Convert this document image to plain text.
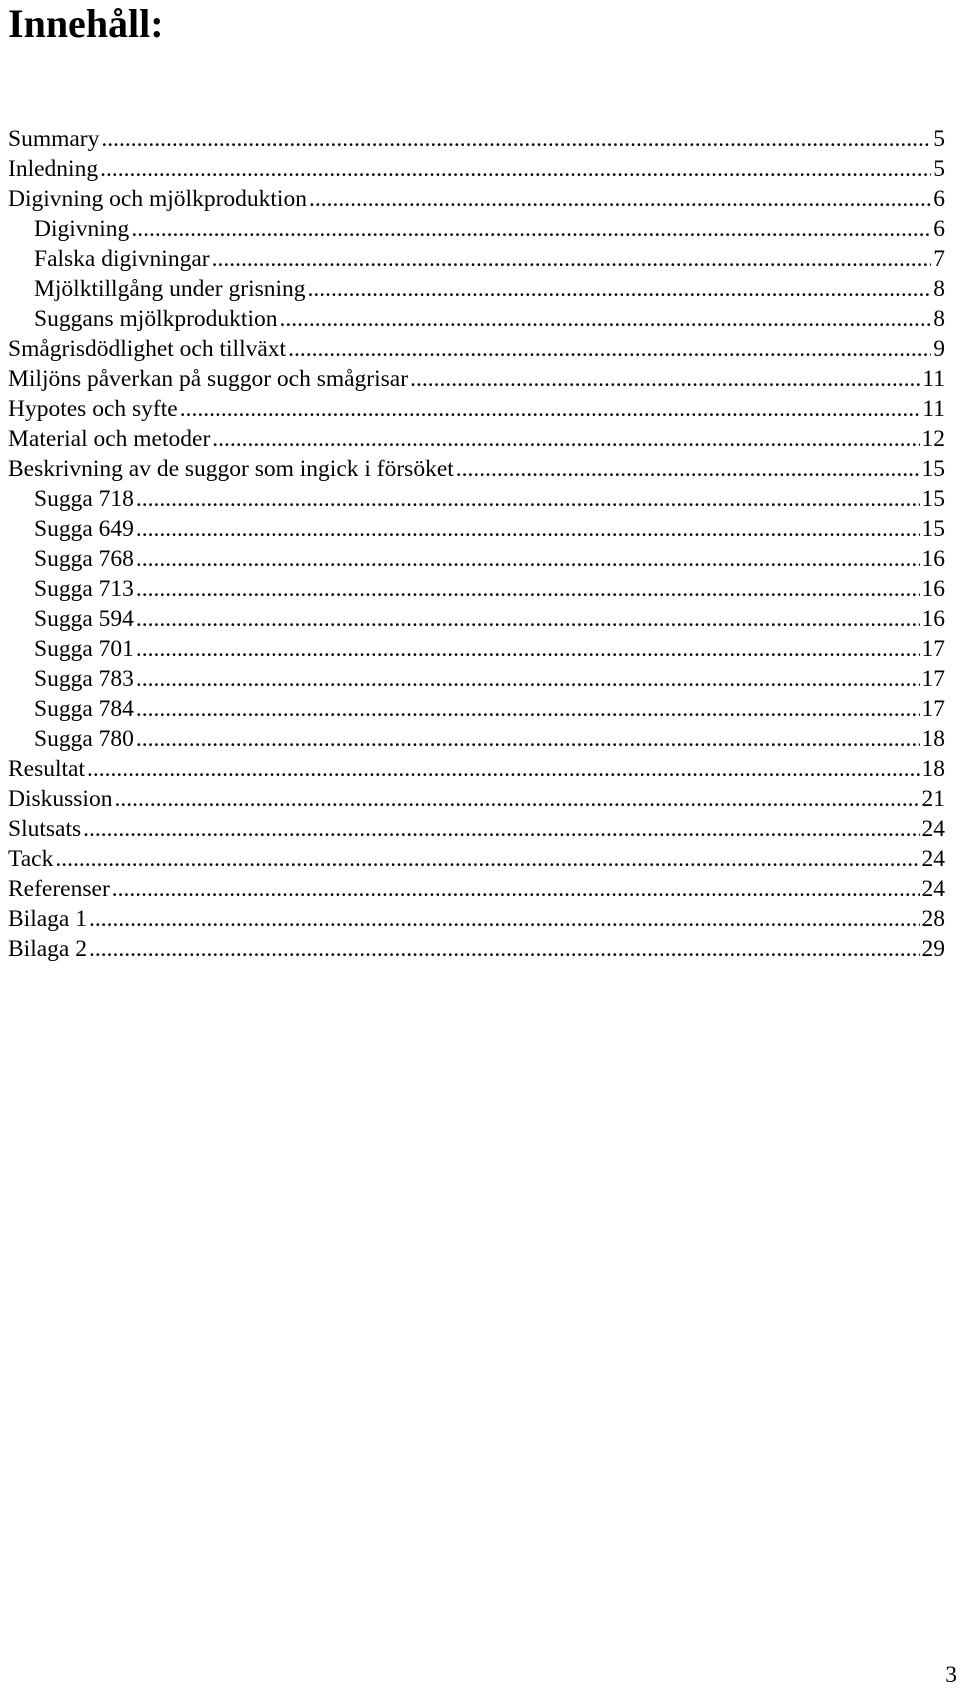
Innehåll:
Summary .....	5
Inledning .....	5
Digivning och mjölkproduktion .....	6
Digivning .....	6
Falska digivningar .....	7
Mjölktillgång under grisning .....	8
Suggans mjölkproduktion .....	8
Smågrisdödlighet och tillväxt .....	9
Miljöns påverkan på suggor och smågrisar .....	11
Hypotes och syfte .....	11
Material och metoder .....	12
Beskrivning av de suggor som ingick i försöket .....	15
Sugga 718 .....	15
Sugga 649 .....	15
Sugga 768 .....	16
Sugga 713 .....	16
Sugga 594 .....	16
Sugga 701 .....	17
Sugga 783 .....	17
Sugga 784 .....	17
Sugga 780 .....	18
Resultat .....	18
Diskussion .....	21
Slutsats .....	24
Tack .....	24
Referenser .....	24
Bilaga 1 .....	28
Bilaga 2 .....	29
3
